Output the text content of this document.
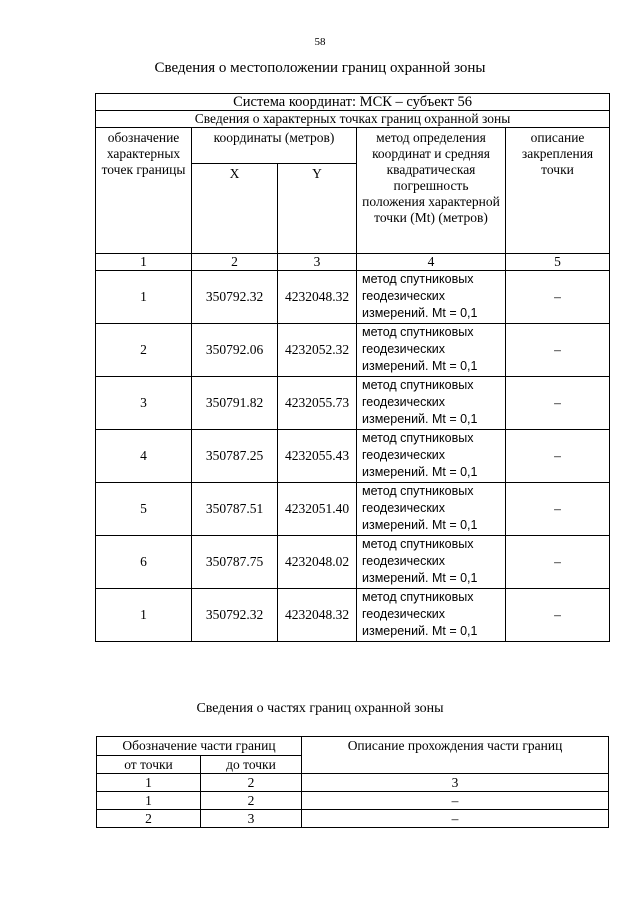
58
Сведения о местоположении границ охранной зоны
Система координат: МСК – субъект 56				
Сведения о характерных точках границ охранной зоны				
обозначение характерных точек границы	координаты (метров)		метод определения координат и средняя квадратическая погрешность положения характерной точки (Mt) (метров)	описание закрепления точки
	X	Y		
1	2	3	4	5
1	350792.32	4232048.32	метод спутниковых геодезических измерений. Mt = 0,1	–
2	350792.06	4232052.32	метод спутниковых геодезических измерений. Mt = 0,1	–
3	350791.82	4232055.73	метод спутниковых геодезических измерений. Mt = 0,1	–
4	350787.25	4232055.43	метод спутниковых геодезических измерений. Mt = 0,1	–
5	350787.51	4232051.40	метод спутниковых геодезических измерений. Mt = 0,1	–
6	350787.75	4232048.02	метод спутниковых геодезических измерений. Mt = 0,1	–
1	350792.32	4232048.32	метод спутниковых геодезических измерений. Mt = 0,1	–
Сведения о частях границ охранной зоны
Обозначение части границ		Описание прохождения части границ
от точки	до точки	
1	2	3
1	2	–
2	3	–
